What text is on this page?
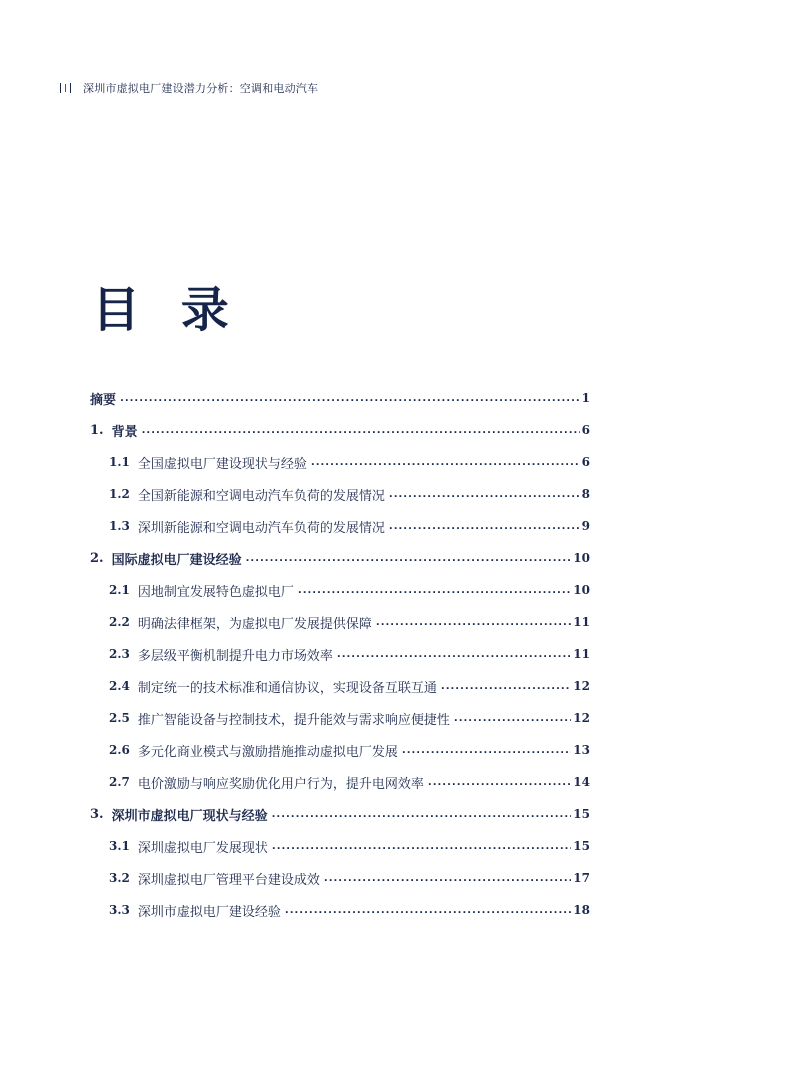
深圳市虚拟电厂建设潜力分析：空调和电动汽车
目 录
摘要 .....	1
1. 背景 .....	6
1.1 全国虚拟电厂建设现状与经验 .....	6
1.2 全国新能源和空调电动汽车负荷的发展情况 .....	8
1.3 深圳新能源和空调电动汽车负荷的发展情况 .....	9
2. 国际虚拟电厂建设经验 .....	10
2.1 因地制宜发展特色虚拟电厂 .....	10
2.2 明确法律框架，为虚拟电厂发展提供保障 .....	11
2.3 多层级平衡机制提升电力市场效率 .....	11
2.4 制定统一的技术标准和通信协议，实现设备互联互通 .....	12
2.5 推广智能设备与控制技术，提升能效与需求响应便捷性 .....	12
2.6 多元化商业模式与激励措施推动虚拟电厂发展 .....	13
2.7 电价激励与响应奖励优化用户行为，提升电网效率 .....	14
3. 深圳市虚拟电厂现状与经验 .....	15
3.1 深圳虚拟电厂发展现状 .....	15
3.2 深圳虚拟电厂管理平台建设成效 .....	17
3.3 深圳市虚拟电厂建设经验 .....	18
